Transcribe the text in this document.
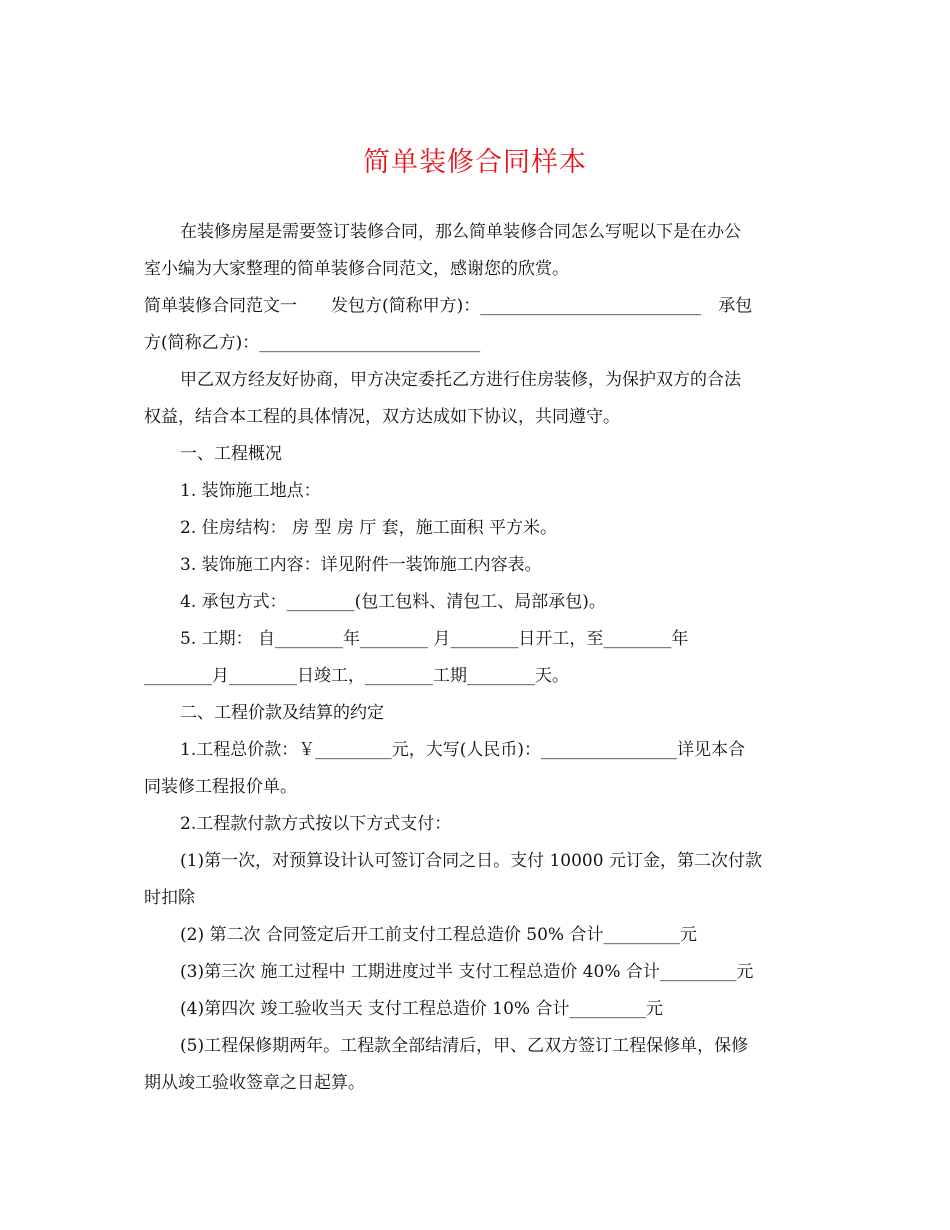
简单装修合同样本
在装修房屋是需要签订装修合同，那么简单装修合同怎么写呢以下是在办公
室小编为大家整理的简单装修合同范文，感谢您的欣赏。
简单装修合同范文一　　发包方(简称甲方)：__________________________　承包
方(简称乙方)：__________________________
甲乙双方经友好协商，甲方决定委托乙方进行住房装修，为保护双方的合法
权益，结合本工程的具体情况，双方达成如下协议，共同遵守。
一、工程概况
1. 装饰施工地点：
2. 住房结构： 房 型 房 厅 套，施工面积 平方米。
3. 装饰施工内容：详见附件一装饰施工内容表。
4. 承包方式：________(包工包料、清包工、局部承包)。
5. 工期： 自________年________ 月________日开工，至________年
________月________日竣工，________工期________天。
二、工程价款及结算的约定
1.工程总价款：￥_________元，大写(人民币)：________________详见本合
同装修工程报价单。
2.工程款付款方式按以下方式支付：
(1)第一次，对预算设计认可签订合同之日。支付 10000 元订金，第二次付款
时扣除
(2) 第二次 合同签定后开工前支付工程总造价 50% 合计_________元
(3)第三次 施工过程中 工期进度过半 支付工程总造价 40% 合计_________元
(4)第四次 竣工验收当天 支付工程总造价 10% 合计_________元
(5)工程保修期两年。工程款全部结清后，甲、乙双方签订工程保修单，保修
期从竣工验收签章之日起算。
